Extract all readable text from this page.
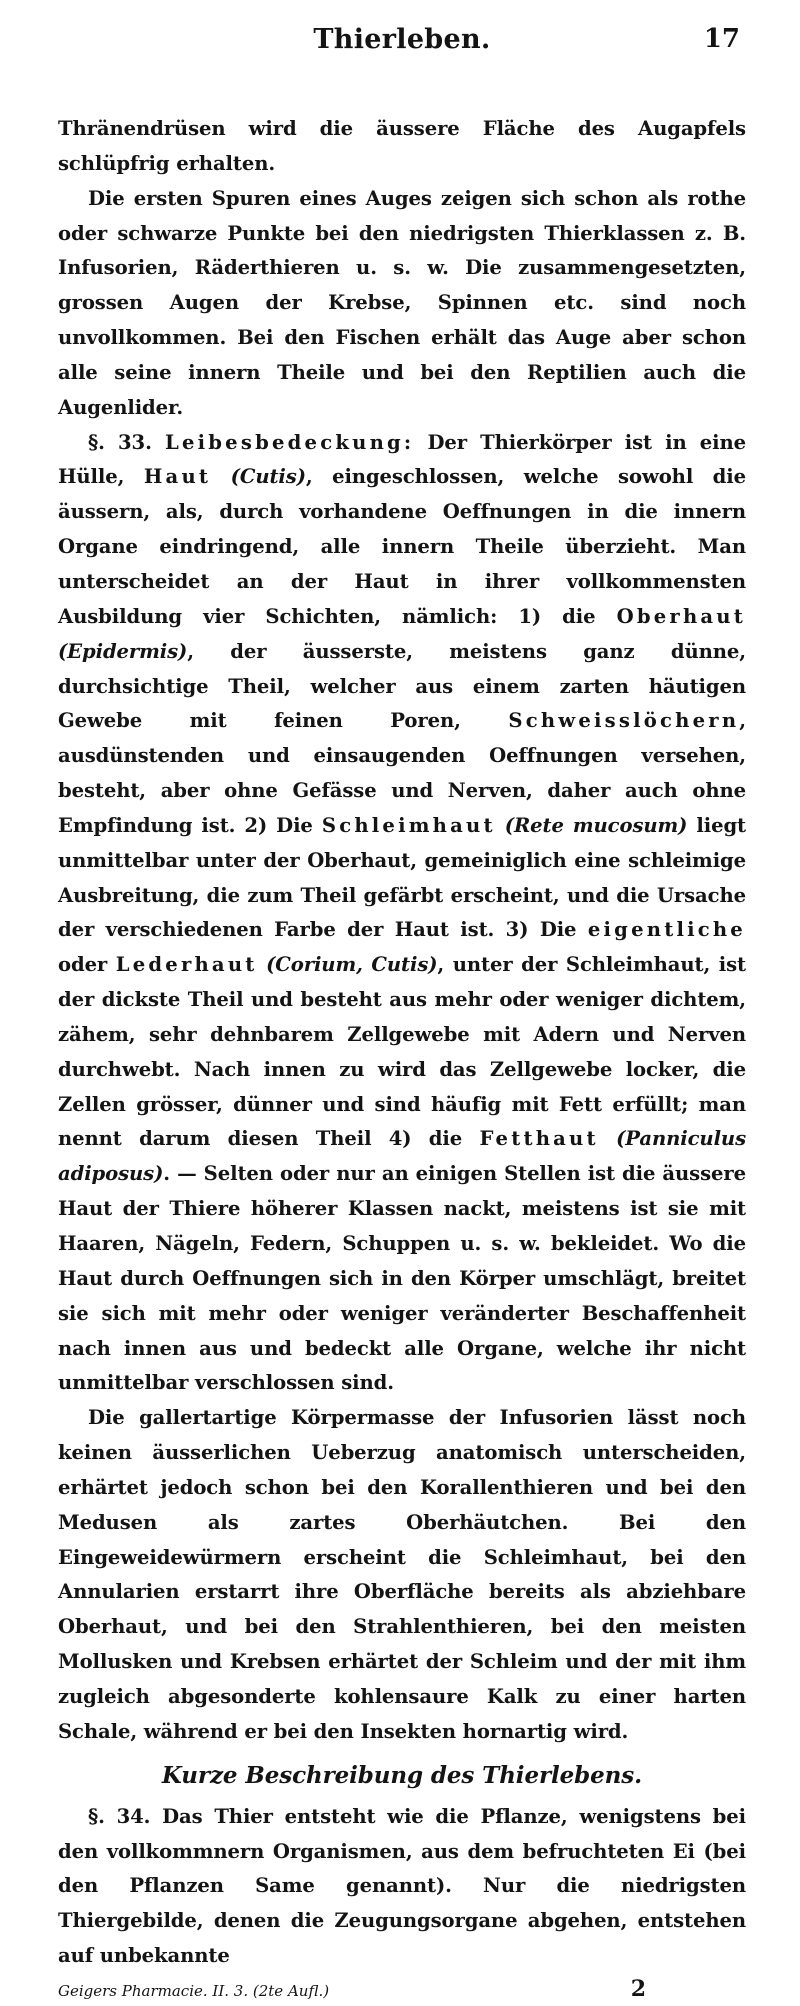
Thierleben.	17

Thränendrüsen wird die äussere Fläche des Augapfels schlüpfrig erhalten.

Die ersten Spuren eines Auges zeigen sich schon als rothe oder schwarze Punkte bei den niedrigsten Thierklassen z. B. Infusorien, Räderthieren u. s. w. Die zusammengesetzten, grossen Augen der Krebse, Spinnen etc. sind noch unvollkommen. Bei den Fischen erhält das Auge aber schon alle seine innern Theile und bei den Reptilien auch die Augenlider.

§. 33. Leibesbedeckung: Der Thierkörper ist in eine Hülle, Haut (Cutis), eingeschlossen, welche sowohl die äussern, als, durch vorhandene Oeffnungen in die innern Organe eindringend, alle innern Theile überzieht. Man unterscheidet an der Haut in ihrer vollkommensten Ausbildung vier Schichten, nämlich: 1) die Oberhaut (Epidermis), der äusserste, meistens ganz dünne, durchsichtige Theil, welcher aus einem zarten häutigen Gewebe mit feinen Poren, Schweisslöchern, ausdünstenden und einsaugenden Oeffnungen versehen, besteht, aber ohne Gefässe und Nerven, daher auch ohne Empfindung ist. 2) Die Schleimhaut (Rete mucosum) liegt unmittelbar unter der Oberhaut, gemeiniglich eine schleimige Ausbreitung, die zum Theil gefärbt erscheint, und die Ursache der verschiedenen Farbe der Haut ist. 3) Die eigentliche oder Lederhaut (Corium, Cutis), unter der Schleimhaut, ist der dickste Theil und besteht aus mehr oder weniger dichtem, zähem, sehr dehnbarem Zellgewebe mit Adern und Nerven durchwebt. Nach innen zu wird das Zellgewebe locker, die Zellen grösser, dünner und sind häufig mit Fett erfüllt; man nennt darum diesen Theil 4) die Fetthaut (Panniculus adiposus). — Selten oder nur an einigen Stellen ist die äussere Haut der Thiere höherer Klassen nackt, meistens ist sie mit Haaren, Nägeln, Federn, Schuppen u. s. w. bekleidet. Wo die Haut durch Oeffnungen sich in den Körper umschlägt, breitet sie sich mit mehr oder weniger veränderter Beschaffenheit nach innen aus und bedeckt alle Organe, welche ihr nicht unmittelbar verschlossen sind.

Die gallertartige Körpermasse der Infusorien lässt noch keinen äusserlichen Ueberzug anatomisch unterscheiden, erhärtet jedoch schon bei den Korallenthieren und bei den Medusen als zartes Oberhäutchen. Bei den Eingeweidewürmern erscheint die Schleimhaut, bei den Annularien erstarrt ihre Oberfläche bereits als abziehbare Oberhaut, und bei den Strahlenthieren, bei den meisten Mollusken und Krebsen erhärtet der Schleim und der mit ihm zugleich abgesonderte kohlensaure Kalk zu einer harten Schale, während er bei den Insekten hornartig wird.

Kurze Beschreibung des Thierlebens.

§. 34. Das Thier entsteht wie die Pflanze, wenigstens bei den vollkommnern Organismen, aus dem befruchteten Ei (bei den Pflanzen Same genannt). Nur die niedrigsten Thiergebilde, denen die Zeugungsorgane abgehen, entstehen auf unbekannte

Geigers Pharmacie. II. 3. (2te Aufl.)	2
